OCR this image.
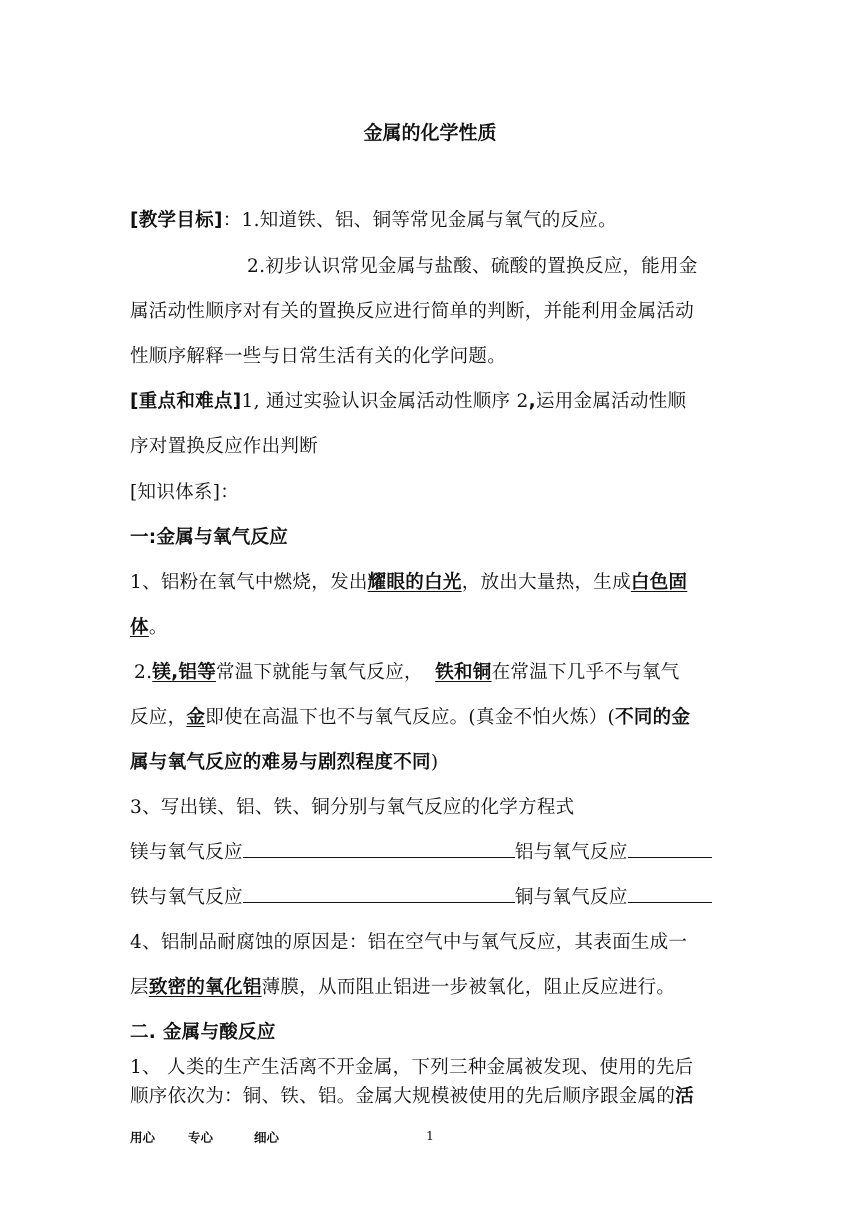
金属的化学性质
[教学目标]：1.知道铁、铝、铜等常见金属与氧气的反应。
2.初步认识常见金属与盐酸、硫酸的置换反应，能用金
属活动性顺序对有关的置换反应进行简单的判断，并能利用金属活动
性顺序解释一些与日常生活有关的化学问题。
[重点和难点]1, 通过实验认识金属活动性顺序 2,运用金属活动性顺
序对置换反应作出判断
[知识体系]：
一:金属与氧气反应
1、铝粉在氧气中燃烧，发出耀眼的白光，放出大量热，生成白色固
体。
2.镁,铝等常温下就能与氧气反应， 铁和铜在常温下几乎不与氧气
反应，金即使在高温下也不与氧气反应。(真金不怕火炼）(不同的金
属与氧气反应的难易与剧烈程度不同)
3、写出镁、铝、铁、铜分别与氧气反应的化学方程式
镁与氧气反应	铝与氧气反应
铁与氧气反应	铜与氧气反应
4、铝制品耐腐蚀的原因是：铝在空气中与氧气反应，其表面生成一
层致密的氧化铝薄膜，从而阻止铝进一步被氧化，阻止反应进行。
二. 金属与酸反应
1、 人类的生产生活离不开金属，下列三种金属被发现、使用的先后
顺序依次为：铜、铁、铝。金属大规模被使用的先后顺序跟金属的活
用心	专心	细心	1
